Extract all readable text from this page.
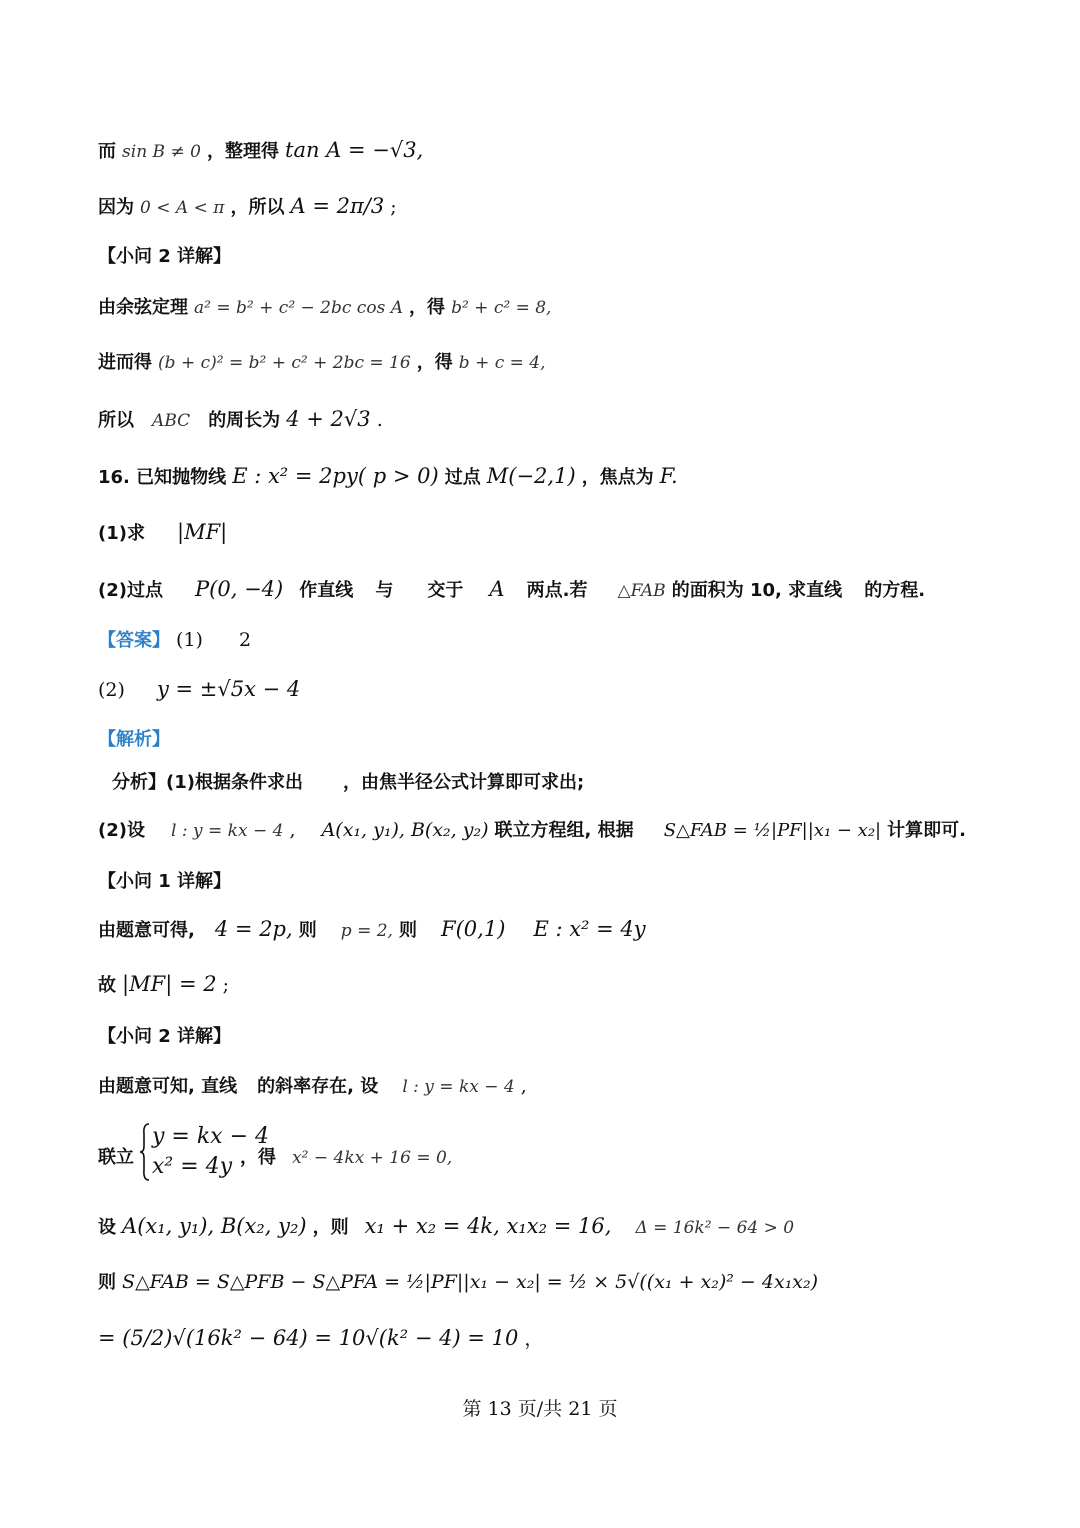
而 sin B ≠ 0 ，整理得 tan A = −√3,
因为 0 < A < π ，所以 A = 2π/3 ;
【小问 2 详解】
由余弦定理 a² = b² + c² − 2bc cos A ，得 b² + c² = 8,
进而得 (b + c)² = b² + c² + 2bc = 16 ，得 b + c = 4,
所以 ABC 的周长为 4 + 2√3 .
16. 已知抛物线 E : x² = 2py( p > 0) 过点 M(−2,1) ，焦点为 F.
(1)求 |MF|
(2)过点 P(0, −4) 作直线 与 交于 A 两点.若 △FAB 的面积为 10, 求直线 的方程.
【答案】 (1) 2
(2) y = ±√5x − 4
【解析】
分析】(1)根据条件求出 ，由焦半径公式计算即可求出;
(2)设 l : y = kx − 4 , A(x₁, y₁), B(x₂, y₂) 联立方程组, 根据 S△FAB = ½|PF||x₁ − x₂| 计算即可.
【小问 1 详解】
由题意可得, 4 = 2p, 则 p = 2, 则 F(0,1) E : x² = 4y
故 |MF| = 2 ;
【小问 2 详解】
由题意可知, 直线 的斜率存在, 设 l : y = kx − 4 ,
联立	，得 x² − 4kx + 16 = 0,
y = kx − 4
x² = 4y
设 A(x₁, y₁), B(x₂, y₂) ，则 x₁ + x₂ = 4k, x₁x₂ = 16, Δ = 16k² − 64 > 0
则 S△FAB = S△PFB − S△PFA = ½|PF||x₁ − x₂| = ½ × 5√((x₁ + x₂)² − 4x₁x₂)
= (5/2)√(16k² − 64) = 10√(k² − 4) = 10 ，
第 13 页/共 21 页
